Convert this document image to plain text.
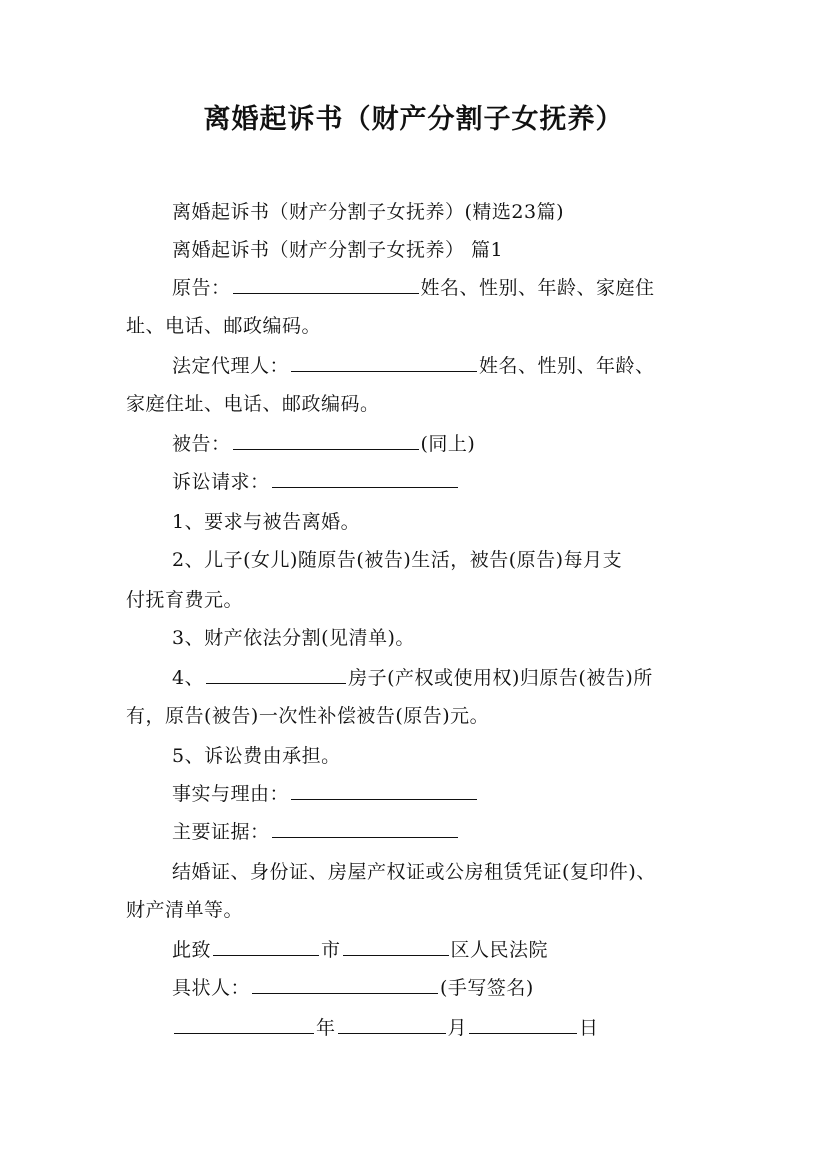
离婚起诉书（财产分割子女抚养）
离婚起诉书（财产分割子女抚养）(精选23篇)
离婚起诉书（财产分割子女抚养） 篇1
原告：	姓名、性别、年龄、家庭住
址、电话、邮政编码。
法定代理人：	姓名、性别、年龄、
家庭住址、电话、邮政编码。
被告：	(同上)
诉讼请求：
1、要求与被告离婚。
2、儿子(女儿)随原告(被告)生活，被告(原告)每月支
付抚育费元。
3、财产依法分割(见清单)。
4、	房子(产权或使用权)归原告(被告)所
有，原告(被告)一次性补偿被告(原告)元。
5、诉讼费由承担。
事实与理由：
主要证据：
结婚证、身份证、房屋产权证或公房租赁凭证(复印件)、
财产清单等。
此致	市	区人民法院
具状人：	(手写签名)
年	月	日
